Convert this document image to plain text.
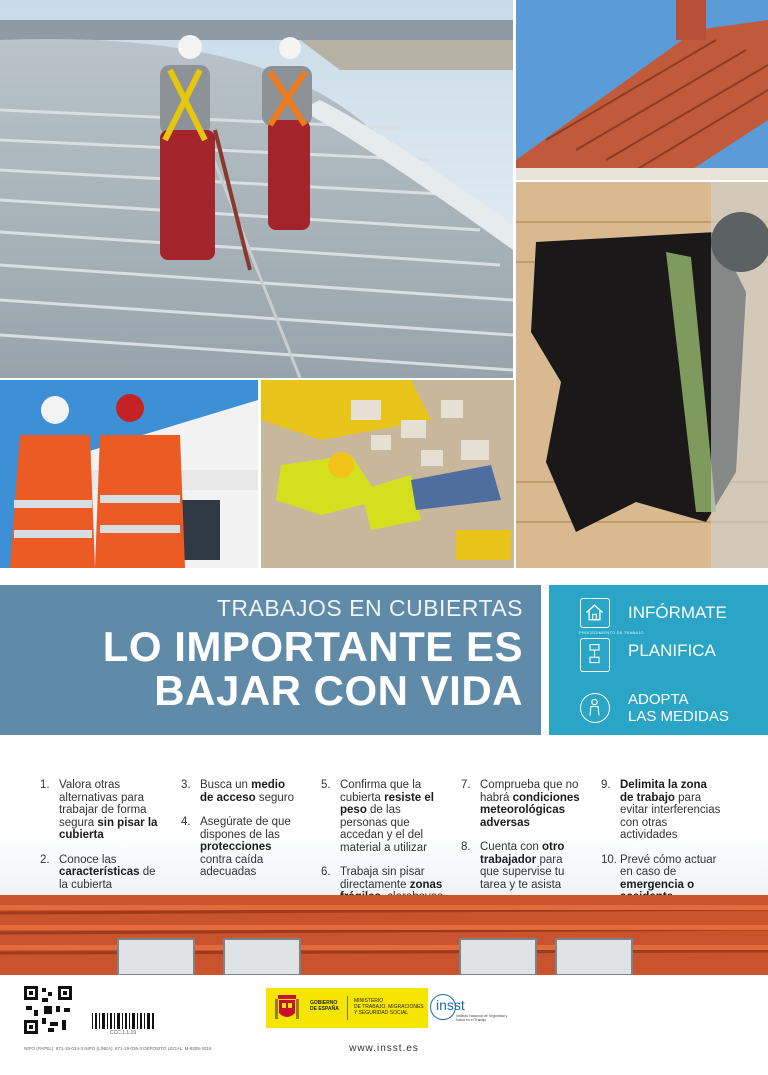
TRABAJOS EN CUBIERTAS
LO IMPORTANTE ES
BAJAR CON VIDA
INFÓRMATE
PROCEDIMIENTO DE TRABAJO
PLANIFICA
ADOPTA
LAS MEDIDAS
1. Valora otras alternativas para trabajar de forma segura sin pisar la cubierta
2. Conoce las características de la cubierta
3. Busca un medio de acceso seguro
4. Asegúrate de que dispones de las protecciones contra caída adecuadas
5. Confirma que la cubierta resiste el peso de las personas que accedan y el del material a utilizar
6. Trabaja sin pisar directamente zonas
7. Comprueba que no habrá condiciones meteorológicas adversas
8. Cuenta con otro trabajador para que supervise tu tarea y te asista
9. Delimita la zona de trabajo para evitar interferencias con otras actividades
10. Prevé cómo actuar en caso de emergencia o
CCC.1.1.19
NIPO (PAPEL): 871-19-034-3 NIPO (LÍNEA): 871-19-036-3 DEPÓSITO LEGAL: M-8205-2019
GOBIERNO
DE ESPAÑA
MINISTERIO
DE TRABAJO, MIGRACIONES
Y SEGURIDAD SOCIAL	insst
Instituto Nacional de Seguridad y Salud en el Trabajo
www.insst.es
